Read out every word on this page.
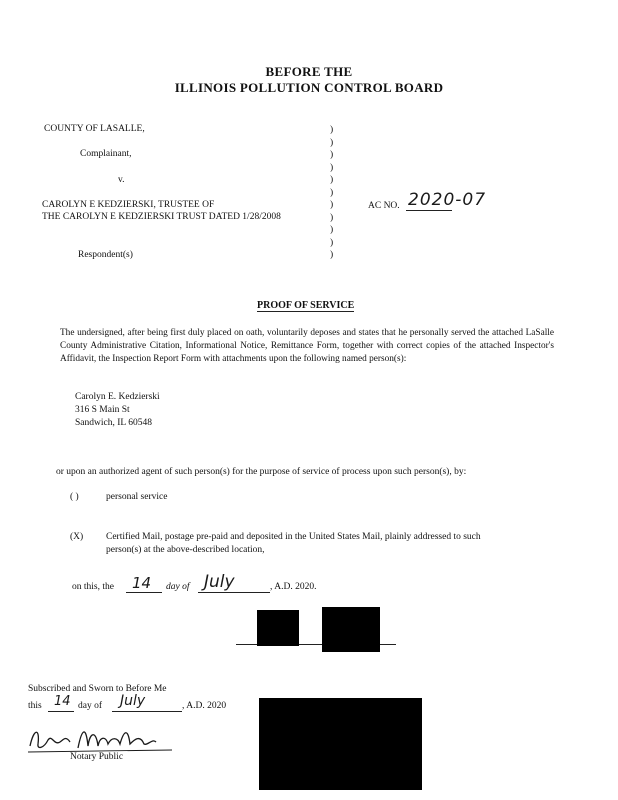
BEFORE THE
ILLINOIS POLLUTION CONTROL BOARD
COUNTY OF LASALLE,
Complainant,
v.
CAROLYN E KEDZIERSKI, TRUSTEE OF
THE CAROLYN E KEDZIERSKI TRUST DATED 1/28/2008
Respondent(s)
)
)
)
)
)
)
)
)
)
)
)
AC NO. 2020-07
PROOF OF SERVICE
The undersigned, after being first duly placed on oath, voluntarily deposes and states that he personally served the attached LaSalle County Administrative Citation, Informational Notice, Remittance Form, together with correct copies of the attached Inspector's Affidavit, the Inspection Report Form with attachments upon the following named person(s):
Carolyn E. Kedzierski
316 S Main St
Sandwich, IL 60548
or upon an authorized agent of such person(s) for the purpose of service of process upon such person(s), by:
( )	personal service
(X) Certified Mail, postage pre-paid and deposited in the United States Mail, plainly addressed to such
person(s) at the above-described location,
on this, the 14 day of July	, A.D. 2020.
Subscribed and Sworn to Before Me
this 14 day of July	, A.D. 2020
Notary Public
